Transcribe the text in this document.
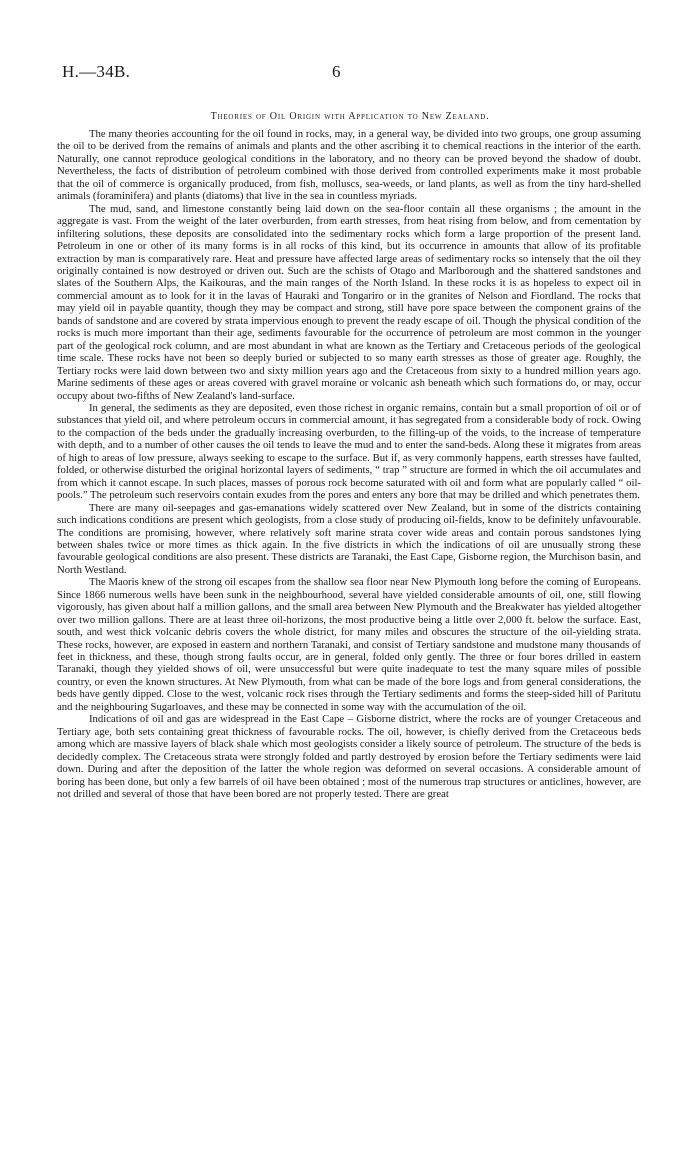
H.—34B.	6
Theories of Oil Origin with Application to New Zealand.

The many theories accounting for the oil found in rocks, may, in a general way, be divided into two groups, one group assuming the oil to be derived from the remains of animals and plants and the other ascribing it to chemical reactions in the interior of the earth. Naturally, one cannot reproduce geological conditions in the laboratory, and no theory can be proved beyond the shadow of doubt. Nevertheless, the facts of distribution of petroleum combined with those derived from controlled experiments make it most probable that the oil of commerce is organically produced, from fish, molluscs, sea-weeds, or land plants, as well as from the tiny hard-shelled animals (foraminifera) and plants (diatoms) that live in the sea in countless myriads.

The mud, sand, and limestone constantly being laid down on the sea-floor contain all these organisms ; the amount in the aggregate is vast. From the weight of the later overburden, from earth stresses, from heat rising from below, and from cementation by infiltering solutions, these deposits are consolidated into the sedimentary rocks which form a large proportion of the present land. Petroleum in one or other of its many forms is in all rocks of this kind, but its occurrence in amounts that allow of its profitable extraction by man is comparatively rare. Heat and pressure have affected large areas of sedimentary rocks so intensely that the oil they originally contained is now destroyed or driven out. Such are the schists of Otago and Marlborough and the shattered sandstones and slates of the Southern Alps, the Kaikouras, and the main ranges of the North Island. In these rocks it is as hopeless to expect oil in commercial amount as to look for it in the lavas of Hauraki and Tongariro or in the granites of Nelson and Fiordland. The rocks that may yield oil in payable quantity, though they may be compact and strong, still have pore space between the component grains of the bands of sandstone and are covered by strata impervious enough to prevent the ready escape of oil. Though the physical condition of the rocks is much more important than their age, sediments favourable for the occurrence of petroleum are most common in the younger part of the geological rock column, and are most abundant in what are known as the Tertiary and Cretaceous periods of the geological time scale. These rocks have not been so deeply buried or subjected to so many earth stresses as those of greater age. Roughly, the Tertiary rocks were laid down between two and sixty million years ago and the Cretaceous from sixty to a hundred million years ago. Marine sediments of these ages or areas covered with gravel moraine or volcanic ash beneath which such formations do, or may, occur occupy about two-fifths of New Zealand's land-surface.

In general, the sediments as they are deposited, even those richest in organic remains, contain but a small proportion of oil or of substances that yield oil, and where petroleum occurs in commercial amount, it has segregated from a considerable body of rock. Owing to the compaction of the beds under the gradually increasing overburden, to the filling-up of the voids, to the increase of temperature with depth, and to a number of other causes the oil tends to leave the mud and to enter the sand-beds. Along these it migrates from areas of high to areas of low pressure, always seeking to escape to the surface. But if, as very commonly happens, earth stresses have faulted, folded, or otherwise disturbed the original horizontal layers of sediments, “ trap ” structure are formed in which the oil accumulates and from which it cannot escape. In such places, masses of porous rock become saturated with oil and form what are popularly called “ oil-pools.” The petroleum such reservoirs contain exudes from the pores and enters any bore that may be drilled and which penetrates them.

There are many oil-seepages and gas-emanations widely scattered over New Zealand, but in some of the districts containing such indications conditions are present which geologists, from a close study of producing oil-fields, know to be definitely unfavourable. The conditions are promising, however, where relatively soft marine strata cover wide areas and contain porous sandstones lying between shales twice or more times as thick again. In the five districts in which the indications of oil are unusually strong these favourable geological conditions are also present. These districts are Taranaki, the East Cape, Gisborne region, the Murchison basin, and North Westland.

The Maoris knew of the strong oil escapes from the shallow sea floor near New Plymouth long before the coming of Europeans. Since 1866 numerous wells have been sunk in the neighbourhood, several have yielded considerable amounts of oil, one, still flowing vigorously, has given about half a million gallons, and the small area between New Plymouth and the Breakwater has yielded altogether over two million gallons. There are at least three oil-horizons, the most productive being a little over 2,000 ft. below the surface. East, south, and west thick volcanic debris covers the whole district, for many miles and obscures the structure of the oil-yielding strata. These rocks, however, are exposed in eastern and northern Taranaki, and consist of Tertiary sandstone and mudstone many thousands of feet in thickness, and these, though strong faults occur, are in general, folded only gently. The three or four bores drilled in eastern Taranaki, though they yielded shows of oil, were unsuccessful but were quite inadequate to test the many square miles of possible country, or even the known structures. At New Plymouth, from what can be made of the bore logs and from general considerations, the beds have gently dipped. Close to the west, volcanic rock rises through the Tertiary sediments and forms the steep-sided hill of Paritutu and the neighbouring Sugarloaves, and these may be connected in some way with the accumulation of the oil.

Indications of oil and gas are widespread in the East Cape – Gisborne district, where the rocks are of younger Cretaceous and Tertiary age, both sets containing great thickness of favourable rocks. The oil, however, is chiefly derived from the Cretaceous beds among which are massive layers of black shale which most geologists consider a likely source of petroleum. The structure of the beds is decidedly complex. The Cretaceous strata were strongly folded and partly destroyed by erosion before the Tertiary sediments were laid down. During and after the deposition of the latter the whole region was deformed on several occasions. A considerable amount of boring has been done, but only a few barrels of oil have been obtained ; most of the numerous trap structures or anticlines, however, are not drilled and several of those that have been bored are not properly tested. There are great
